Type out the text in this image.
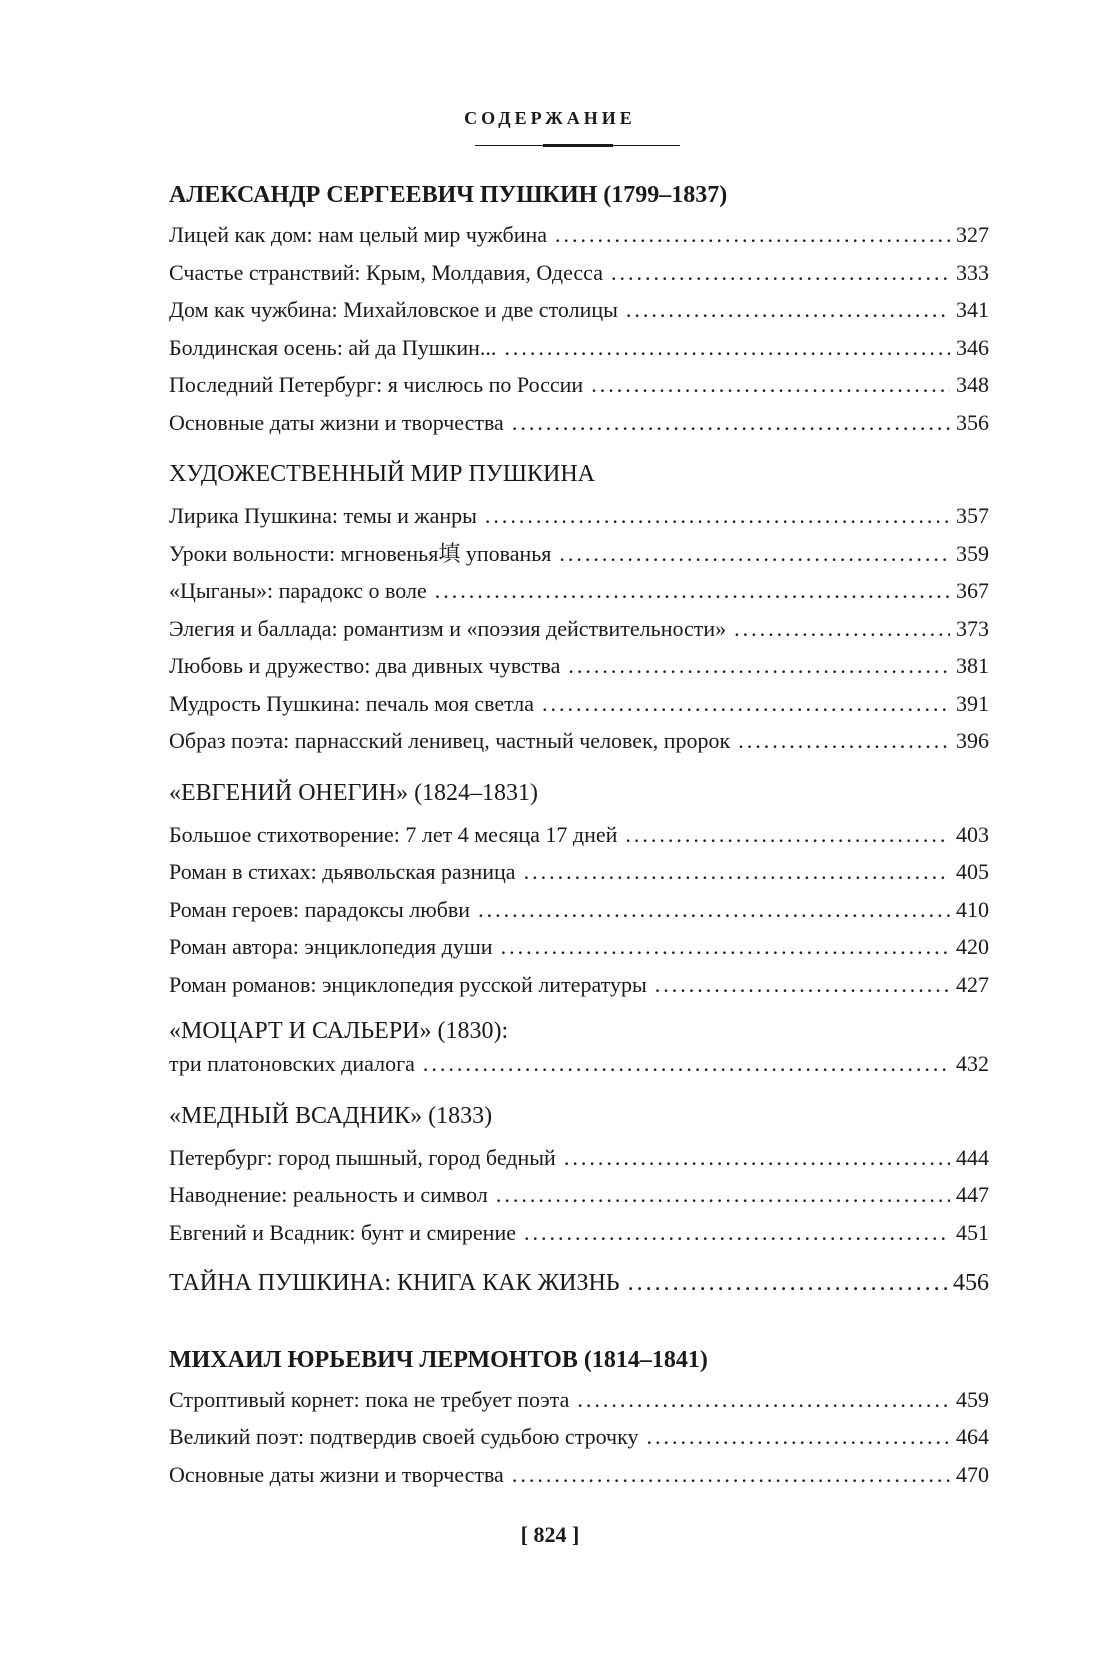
СОДЕРЖАНИЕ
АЛЕКСАНДР СЕРГЕЕВИЧ ПУШКИН (1799–1837)
Лицей как дом: нам целый мир чужбина .....	327
Счастье странствий: Крым, Молдавия, Одесса .....	333
Дом как чужбина: Михайловское и две столицы .....	341
Болдинская осень: ай да Пушкин... .....	346
Последний Петербург: я числюсь по России .....	348
Основные даты жизни и творчества .....	356
ХУДОЖЕСТВЕННЫЙ МИР ПУШКИНА
Лирика Пушкина: темы и жанры .....	357
Уроки вольности: мгновенья填 упованья .....	359
«Цыганы»: парадокс о воле .....	367
Элегия и баллада: романтизм и «поэзия действительности» .....	373
Любовь и дружество: два дивных чувства .....	381
Мудрость Пушкина: печаль моя светла .....	391
Образ поэта: парнасский ленивец, частный человек, пророк .....	396
«ЕВГЕНИЙ ОНЕГИН» (1824–1831)
Большое стихотворение: 7 лет 4 месяца 17 дней .....	403
Роман в стихах: дьявольская разница .....	405
Роман героев: парадоксы любви .....	410
Роман автора: энциклопедия души .....	420
Роман романов: энциклопедия русской литературы .....	427
«МОЦАРТ И САЛЬЕРИ» (1830):
три платоновских диалога .....	432
«МЕДНЫЙ ВСАДНИК» (1833)
Петербург: город пышный, город бедный .....	444
Наводнение: реальность и символ .....	447
Евгений и Всадник: бунт и смирение .....	451
ТАЙНА ПУШКИНА: КНИГА КАК ЖИЗНЬ .....	456
МИХАИЛ ЮРЬЕВИЧ ЛЕРМОНТОВ (1814–1841)
Строптивый корнет: пока не требует поэта .....	459
Великий поэт: подтвердив своей судьбою строчку .....	464
Основные даты жизни и творчества .....	470
[ 824 ]
